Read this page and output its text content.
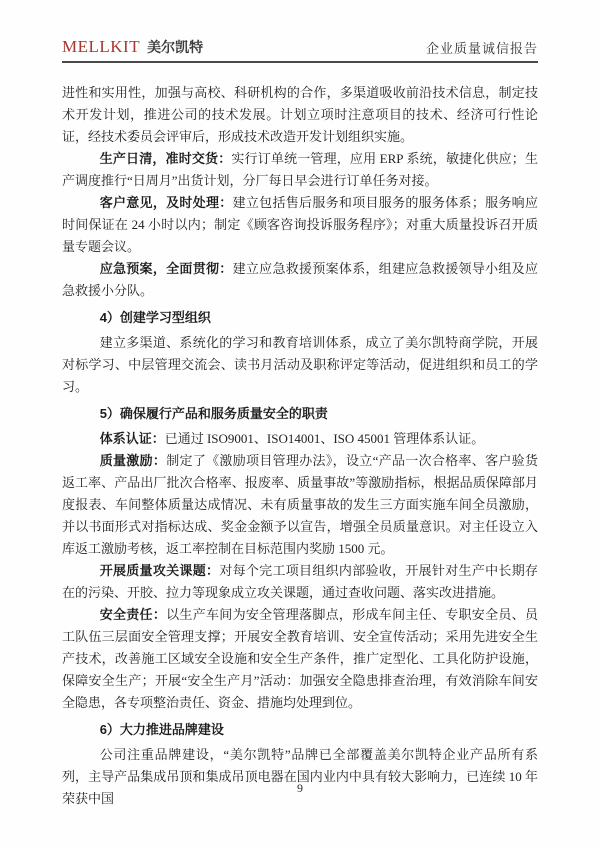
MELLKIT 美尔凯特	企业质量诚信报告

进性和实用性，加强与高校、科研机构的合作，多渠道吸收前沿技术信息，制定技术开发计划，推进公司的技术发展。计划立项时注意项目的技术、经济可行性论证，经技术委员会评审后，形成技术改造开发计划组织实施。

生产日清，准时交货：实行订单统一管理，应用 ERP 系统，敏捷化供应；生产调度推行“日周月”出货计划，分厂每日早会进行订单任务对接。

客户意见，及时处理：建立包括售后服务和项目服务的服务体系；服务响应时间保证在 24 小时以内；制定《顾客咨询投诉服务程序》；对重大质量投诉召开质量专题会议。

应急预案，全面贯彻：建立应急救援预案体系，组建应急救援领导小组及应急救援小分队。

4）创建学习型组织

建立多渠道、系统化的学习和教育培训体系，成立了美尔凯特商学院，开展对标学习、中层管理交流会、读书月活动及职称评定等活动，促进组织和员工的学习。

5）确保履行产品和服务质量安全的职责

体系认证：已通过 ISO9001、ISO14001、ISO 45001 管理体系认证。

质量激励：制定了《激励项目管理办法》，设立“产品一次合格率、客户验货返工率、产品出厂批次合格率、报废率、质量事故”等激励指标，根据品质保障部月度报表、车间整体质量达成情况、未有质量事故的发生三方面实施车间全员激励，并以书面形式对指标达成、奖金金额予以宣告，增强全员质量意识。对主任设立入库返工激励考核，返工率控制在目标范围内奖励 1500 元。

开展质量攻关课题：对每个完工项目组织内部验收，开展针对生产中长期存在的污染、开胶、拉力等现象成立攻关课题，通过查收问题、落实改进措施。

安全责任：以生产车间为安全管理落脚点，形成车间主任、专职安全员、员工队伍三层面安全管理支撑；开展安全教育培训、安全宣传活动；采用先进安全生产技术，改善施工区域安全设施和安全生产条件，推广定型化、工具化防护设施，保障安全生产；开展“安全生产月”活动：加强安全隐患排查治理，有效消除车间安全隐患，各专项整治责任、资金、措施均处理到位。

6）大力推进品牌建设

公司注重品牌建设，“美尔凯特”品牌已全部覆盖美尔凯特企业产品所有系列，主导产品集成吊顶和集成吊顶电器在国内业内中具有较大影响力，已连续 10 年荣获中国

9
